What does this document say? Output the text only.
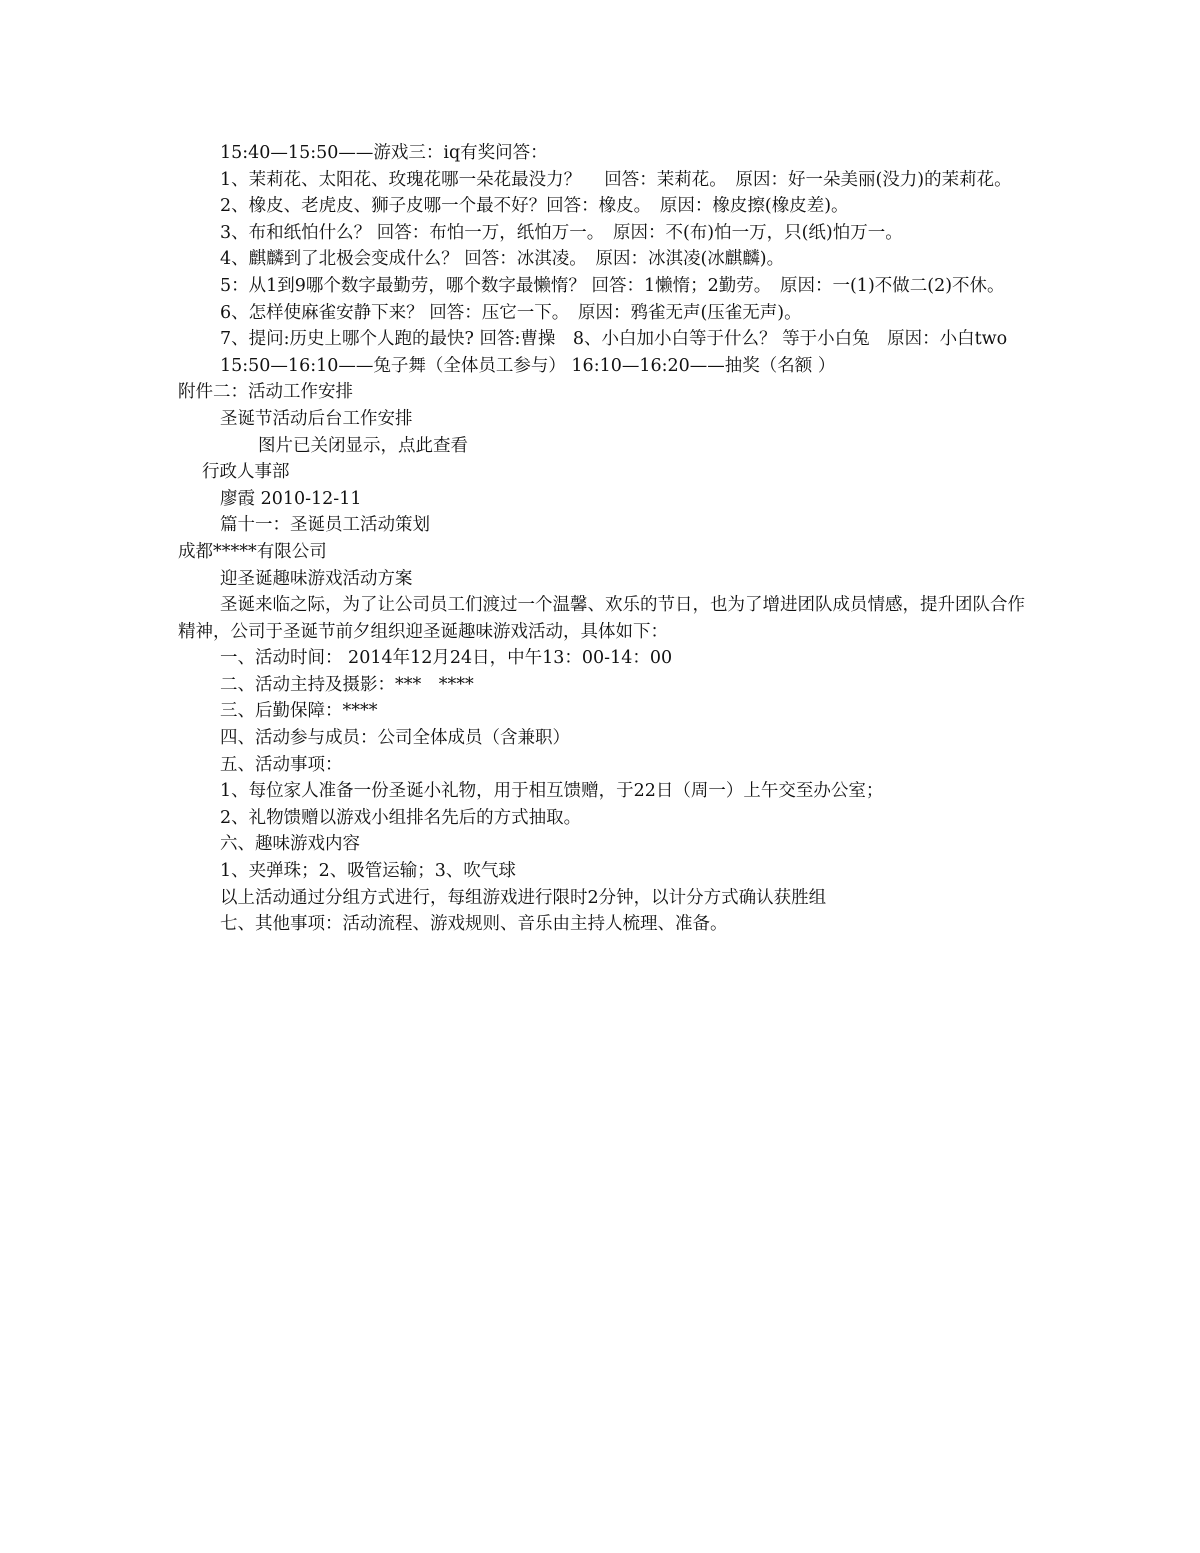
15:40—15:50——游戏三：iq有奖问答：

1、茉莉花、太阳花、玫瑰花哪一朵花最没力？　 回答：茉莉花。　原因：好一朵美丽(没力)的茉莉花。

2、橡皮、老虎皮、狮子皮哪一个最不好？回答：橡皮。　原因：橡皮擦(橡皮差)。

3、布和纸怕什么？ 回答：布怕一万，纸怕万一。　原因：不(布)怕一万，只(纸)怕万一。

4、麒麟到了北极会变成什么？ 回答：冰淇凌。　原因：冰淇凌(冰麒麟)。

5：从1到9哪个数字最勤劳，哪个数字最懒惰？ 回答：1懒惰；2勤劳。　原因：一(1)不做二(2)不休。

6、怎样使麻雀安静下来？ 回答：压它一下。　原因：鸦雀无声(压雀无声)。

7、提问:历史上哪个人跑的最快? 回答:曹操　8、小白加小白等于什么？ 等于小白兔　原因：小白two

15:50—16:10——兔子舞（全体员工参与） 16:10—16:20——抽奖（名额 ）

附件二：活动工作安排

圣诞节活动后台工作安排

图片已关闭显示，点此查看

行政人事部

廖霞 2010-12-11

篇十一：圣诞员工活动策划

成都*****有限公司

迎圣诞趣味游戏活动方案

圣诞来临之际，为了让公司员工们渡过一个温馨、欢乐的节日，也为了增进团队成员情感，提升团队合作精神，公司于圣诞节前夕组织迎圣诞趣味游戏活动，具体如下：

一、活动时间： 2014年12月24日，中午13：00-14：00

二、活动主持及摄影：***　****

三、后勤保障：****

四、活动参与成员：公司全体成员（含兼职）

五、活动事项：

1、每位家人准备一份圣诞小礼物，用于相互馈赠，于22日（周一）上午交至办公室；

2、礼物馈赠以游戏小组排名先后的方式抽取。

六、趣味游戏内容

1、夹弹珠；2、吸管运输；3、吹气球

以上活动通过分组方式进行，每组游戏进行限时2分钟，以计分方式确认获胜组

七、其他事项：活动流程、游戏规则、音乐由主持人梳理、准备。
